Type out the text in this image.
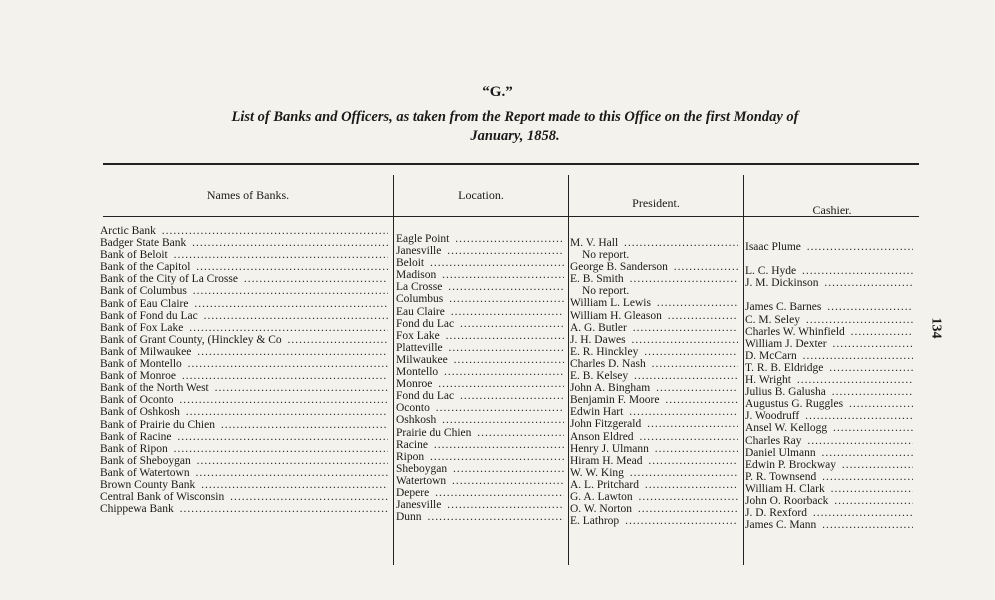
“G.”
List of Banks and Officers, as taken from the Report made to this Office on the first Monday of
January, 1858.
Names of Banks.	Location.
President.	Cashier.
Arctic Bank .....
Badger State Bank .....
Bank of Beloit .....
Bank of the Capitol .....
Bank of the City of La Crosse .....
Bank of Columbus .....
Bank of Eau Claire .....
Bank of Fond du Lac .....
Bank of Fox Lake .....
Bank of Grant County, (Hinckley & Co .....
Bank of Milwaukee .....
Bank of Montello .....
Bank of Monroe .....
Bank of the North West .....
Bank of Oconto .....
Bank of Oshkosh .....
Bank of Prairie du Chien .....
Bank of Racine .....
Bank of Ripon .....
Bank of Sheboygan .....
Bank of Watertown .....
Brown County Bank .....
Central Bank of Wisconsin .....
Chippewa Bank .....
Eagle Point .....
Janesville .....
Beloit .....
Madison .....
La Crosse .....
Columbus .....
Eau Claire .....
Fond du Lac .....
Fox Lake .....
Platteville .....
Milwaukee .....
Montello .....
Monroe .....
Fond du Lac .....
Oconto .....
Oshkosh .....
Prairie du Chien .....
Racine .....
Ripon .....
Sheboygan .....
Watertown .....
Depere .....
Janesville .....
Dunn .....
M. V. Hall .....
No report.
George B. Sanderson .....
E. B. Smith .....
No report.
William L. Lewis .....
William H. Gleason .....
A. G. Butler .....
J. H. Dawes .....
E. R. Hinckley .....
Charles D. Nash .....
E. B. Kelsey .....
John A. Bingham .....
Benjamin F. Moore .....
Edwin Hart .....
John Fitzgerald .....
Anson Eldred .....
Henry J. Ulmann .....
Hiram H. Mead .....
W. W. King .....
A. L. Pritchard .....
G. A. Lawton .....
O. W. Norton .....
E. Lathrop .....
Isaac Plume .....
L. C. Hyde .....
J. M. Dickinson .....
James C. Barnes .....
C. M. Seley .....
Charles W. Whinfield .....
William J. Dexter .....
D. McCarn .....
T. R. B. Eldridge .....
H. Wright .....
Julius B. Galusha .....
Augustus G. Ruggles .....
J. Woodruff .....
Ansel W. Kellogg .....
Charles Ray .....
Daniel Ulmann .....
Edwin P. Brockway .....
P. R. Townsend .....
William H. Clark .....
John O. Roorback .....
J. D. Rexford .....
James C. Mann .....
134
